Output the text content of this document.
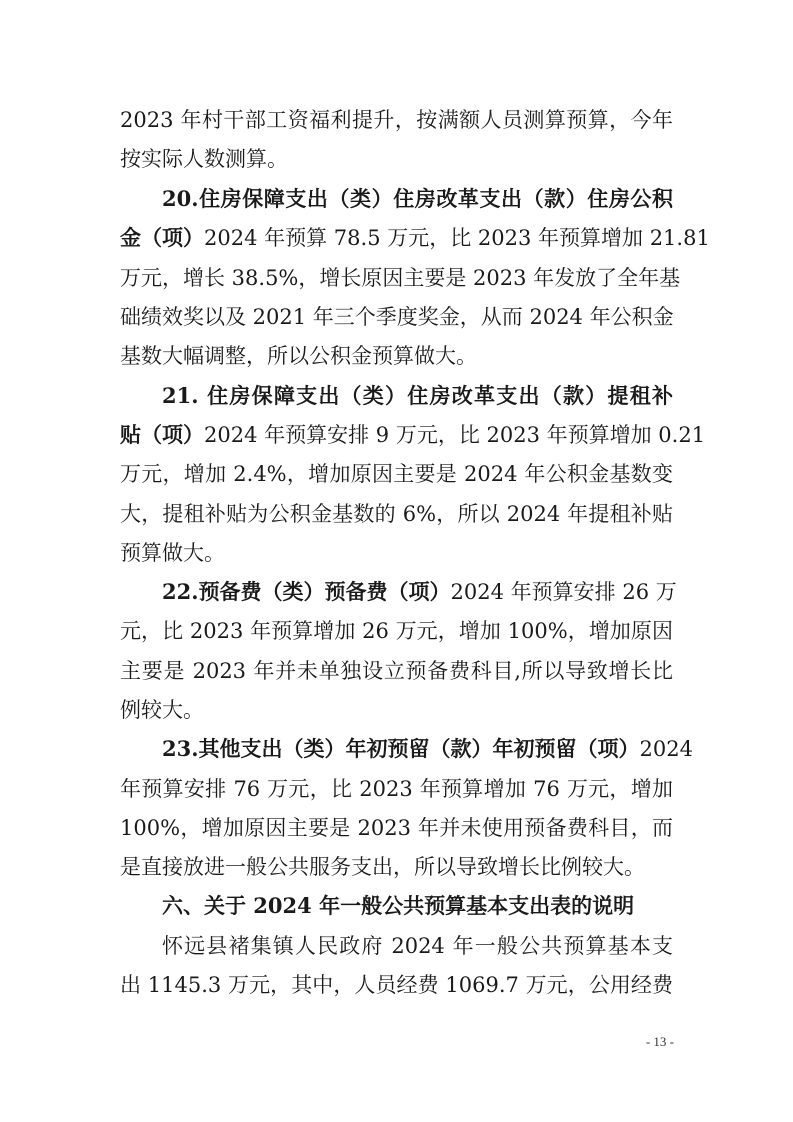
2023 年村干部工资福利提升，按满额人员测算预算，今年
按实际人数测算。
20.住房保障支出（类）住房改革支出（款）住房公积
金（项）2024 年预算 78.5 万元，比 2023 年预算增加 21.81
万元，增长 38.5%，增长原因主要是 2023 年发放了全年基
础绩效奖以及 2021 年三个季度奖金，从而 2024 年公积金
基数大幅调整，所以公积金预算做大。
21. 住房保障支出（类）住房改革支出（款）提租补
贴（项）2024 年预算安排 9 万元，比 2023 年预算增加 0.21
万元，增加 2.4%，增加原因主要是 2024 年公积金基数变
大，提租补贴为公积金基数的 6%，所以 2024 年提租补贴
预算做大。
22.预备费（类）预备费（项）2024 年预算安排 26 万
元，比 2023 年预算增加 26 万元，增加 100%，增加原因
主要是 2023 年并未单独设立预备费科目,所以导致增长比
例较大。
23.其他支出（类）年初预留（款）年初预留（项）2024
年预算安排 76 万元，比 2023 年预算增加 76 万元，增加
100%，增加原因主要是 2023 年并未使用预备费科目，而
是直接放进一般公共服务支出，所以导致增长比例较大。
六、关于 2024 年一般公共预算基本支出表的说明
怀远县褚集镇人民政府 2024 年一般公共预算基本支
出 1145.3 万元，其中，人员经费 1069.7 万元，公用经费
- 13 -
